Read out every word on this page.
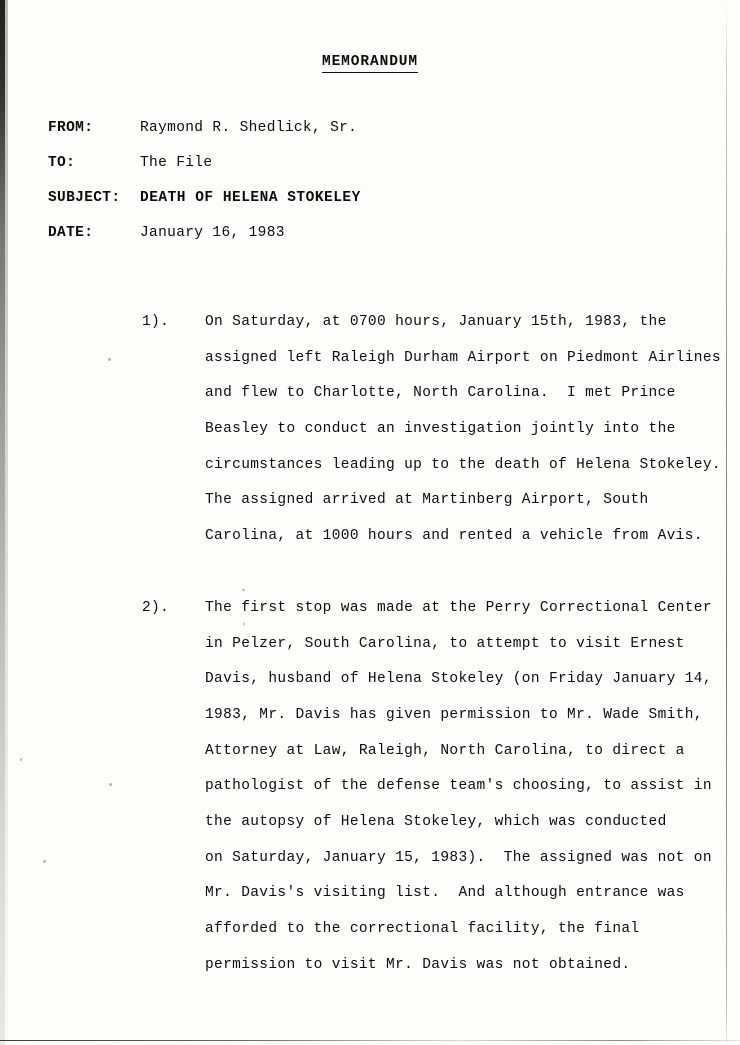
MEMORANDUM
FROM:	Raymond R. Shedlick, Sr.
TO:	The File
SUBJECT:	DEATH OF HELENA STOKELEY
DATE:	January 16, 1983
1).	On Saturday, at 0700 hours, January 15th, 1983, the
assigned left Raleigh Durham Airport on Piedmont Airlines
and flew to Charlotte, North Carolina.  I met Prince
Beasley to conduct an investigation jointly into the
circumstances leading up to the death of Helena Stokeley.
The assigned arrived at Martinberg Airport, South
Carolina, at 1000 hours and rented a vehicle from Avis.
2).	The first stop was made at the Perry Correctional Center
in Pelzer, South Carolina, to attempt to visit Ernest
Davis, husband of Helena Stokeley (on Friday January 14,
1983, Mr. Davis has given permission to Mr. Wade Smith,
Attorney at Law, Raleigh, North Carolina, to direct a
pathologist of the defense team's choosing, to assist in
the autopsy of Helena Stokeley, which was conducted
on Saturday, January 15, 1983).  The assigned was not on
Mr. Davis's visiting list.  And although entrance was
afforded to the correctional facility, the final
permission to visit Mr. Davis was not obtained.
